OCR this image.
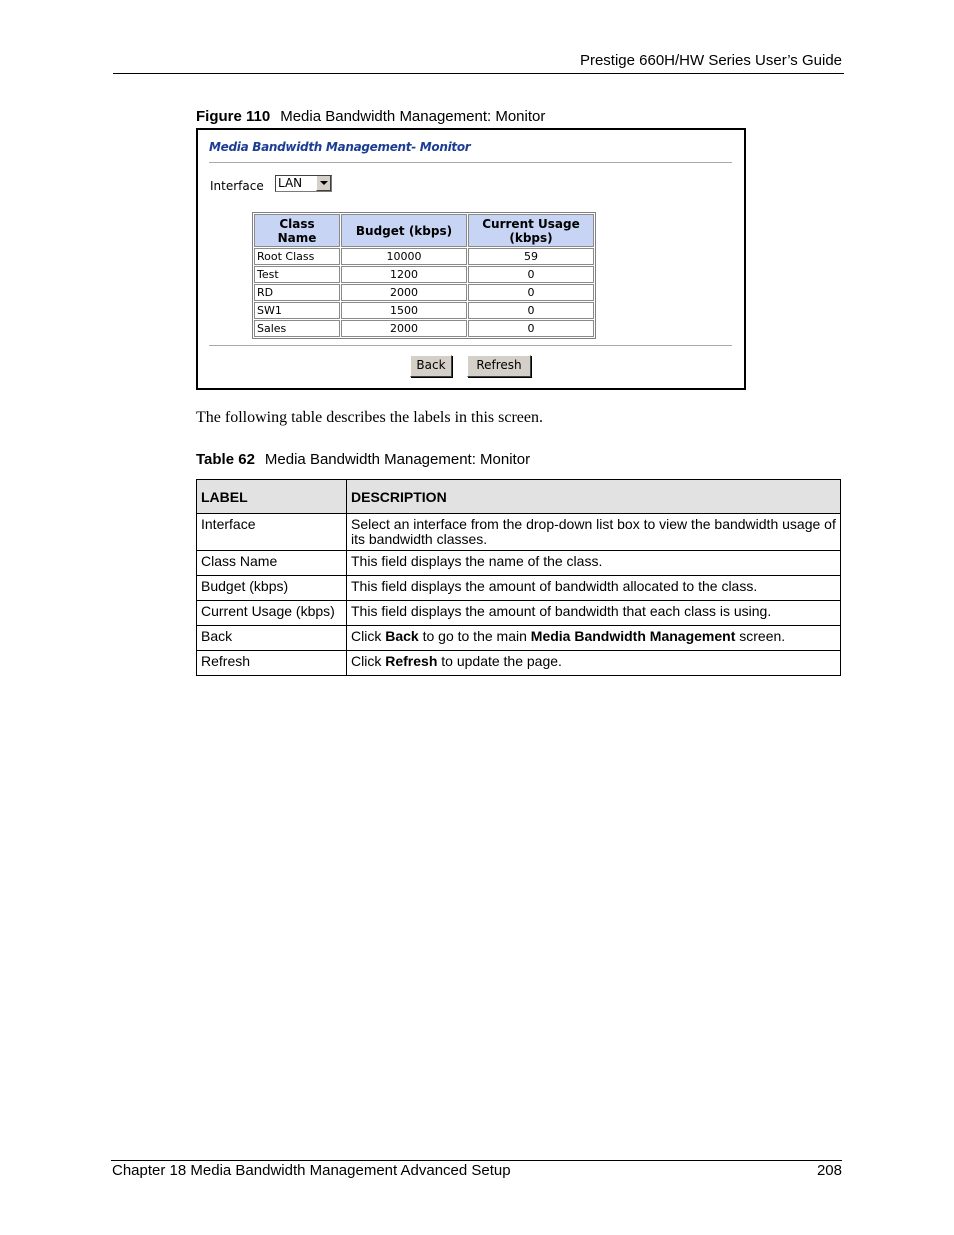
Prestige 660H/HW Series User’s Guide
Figure 110 Media Bandwidth Management: Monitor
Media Bandwidth Management- Monitor
Interface LAN
Class Name	Budget (kbps)	Current Usage (kbps)
Root Class	10000	59
Test	1200	0
RD	2000	0
SW1	1500	0
Sales	2000	0
Back	Refresh
The following table describes the labels in this screen.
Table 62 Media Bandwidth Management: Monitor
LABEL	DESCRIPTION
Interface	Select an interface from the drop-down list box to view the bandwidth usage of its bandwidth classes.
Class Name	This field displays the name of the class.
Budget (kbps)	This field displays the amount of bandwidth allocated to the class.
Current Usage (kbps)	This field displays the amount of bandwidth that each class is using.
Back	Click Back to go to the main Media Bandwidth Management screen.
Refresh	Click Refresh to update the page.
Chapter 18 Media Bandwidth Management Advanced Setup	208
